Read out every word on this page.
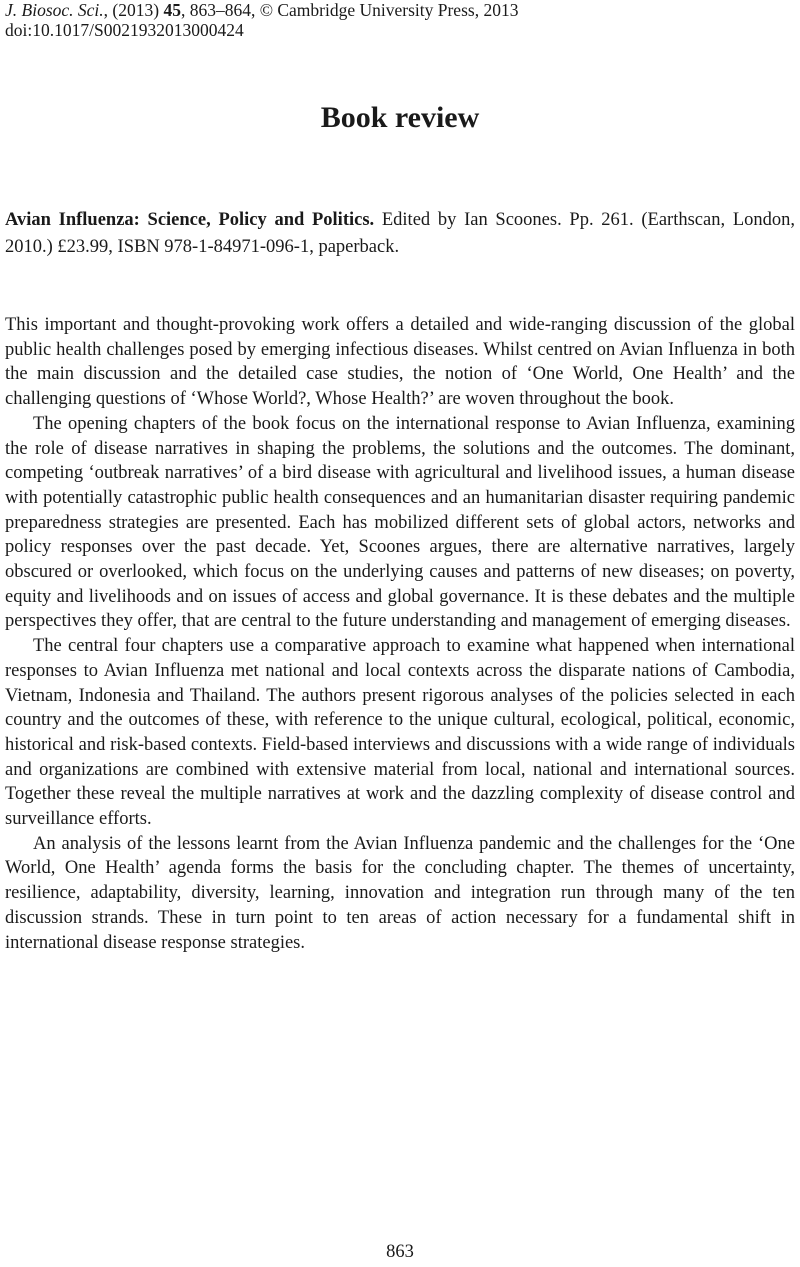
J. Biosoc. Sci., (2013) 45, 863–864, © Cambridge University Press, 2013
doi:10.1017/S0021932013000424
Book review
Avian Influenza: Science, Policy and Politics. Edited by Ian Scoones. Pp. 261. (Earthscan, London, 2010.) £23.99, ISBN 978-1-84971-096-1, paperback.

This important and thought-provoking work offers a detailed and wide-ranging discussion of the global public health challenges posed by emerging infectious diseases. Whilst centred on Avian Influenza in both the main discussion and the detailed case studies, the notion of ‘One World, One Health’ and the challenging questions of ‘Whose World?, Whose Health?’ are woven throughout the book.

The opening chapters of the book focus on the international response to Avian Influenza, examining the role of disease narratives in shaping the problems, the solutions and the outcomes. The dominant, competing ‘outbreak narratives’ of a bird disease with agricultural and livelihood issues, a human disease with potentially catastrophic public health consequences and an humanitarian disaster requiring pandemic preparedness strategies are presented. Each has mobilized different sets of global actors, networks and policy responses over the past decade. Yet, Scoones argues, there are alternative narratives, largely obscured or overlooked, which focus on the underlying causes and patterns of new diseases; on poverty, equity and livelihoods and on issues of access and global governance. It is these debates and the multiple perspectives they offer, that are central to the future understanding and management of emerging diseases.

The central four chapters use a comparative approach to examine what happened when international responses to Avian Influenza met national and local contexts across the disparate nations of Cambodia, Vietnam, Indonesia and Thailand. The authors present rigorous analyses of the policies selected in each country and the outcomes of these, with reference to the unique cultural, ecological, political, economic, historical and risk-based contexts. Field-based interviews and discussions with a wide range of individuals and organizations are combined with extensive material from local, national and international sources. Together these reveal the multiple narratives at work and the dazzling complexity of disease control and surveillance efforts.

An analysis of the lessons learnt from the Avian Influenza pandemic and the challenges for the ‘One World, One Health’ agenda forms the basis for the concluding chapter. The themes of uncertainty, resilience, adaptability, diversity, learning, innovation and integration run through many of the ten discussion strands. These in turn point to ten areas of action necessary for a fundamental shift in international disease response strategies.

863
